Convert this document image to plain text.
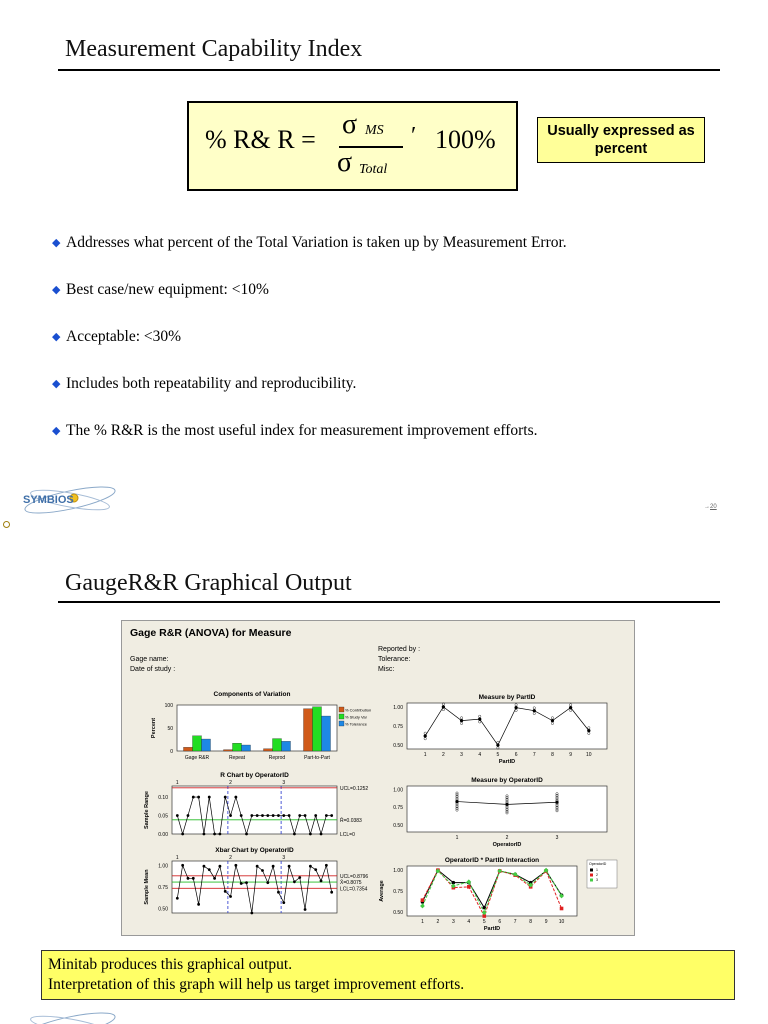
Measurement Capability Index
% R& R = σ MS
σ Total
′ 100%	Usually expressed as percent
◆ Addresses what percent of the Total Variation is taken up by Measurement Error.
◆ Best case/new equipment: <10%
◆ Acceptable: <30%
◆ Includes both repeatability and reproducibility.
◆ The % R&R is the most useful index for measurement improvement efforts.
SYMBIOS
→20
GaugeR&R Graphical Output
Gage R&R (ANOVA) for Measure
Gage name:
Date of study :
Reported by :
Tolerance:
Misc:
Components of Variation
Percent
0
50
100
Gage R&R	Repeat	Reprod	Part-to-Part
% Contribution
% Study Var
% Tolerance
R Chart by OperatorID
Sample Range
0.00
0.05
0.10
1	2	3
UCL=0.1252
R̄=0.0383
LCL=0
Xbar Chart by OperatorID
Sample Mean
0.50
0.75
1.00
1	2	3
UCL=0.8796
X̄=0.8075
LCL=0.7354
Measure by PartID
0.50
0.75
1.00
1	2	3	4	5	6	7	8	9	10
PartID
Measure by OperatorID
0.50
0.75
1.00
1	2	3
OperatorID
OperatorID * PartID Interaction
Average
0.50
0.75
1.00
1	2	3	4	5	6	7	8	9 10
PartID
OperatorID
1
2
3
Minitab produces this graphical output.
Interpretation of this graph will help us target improvement efforts.
